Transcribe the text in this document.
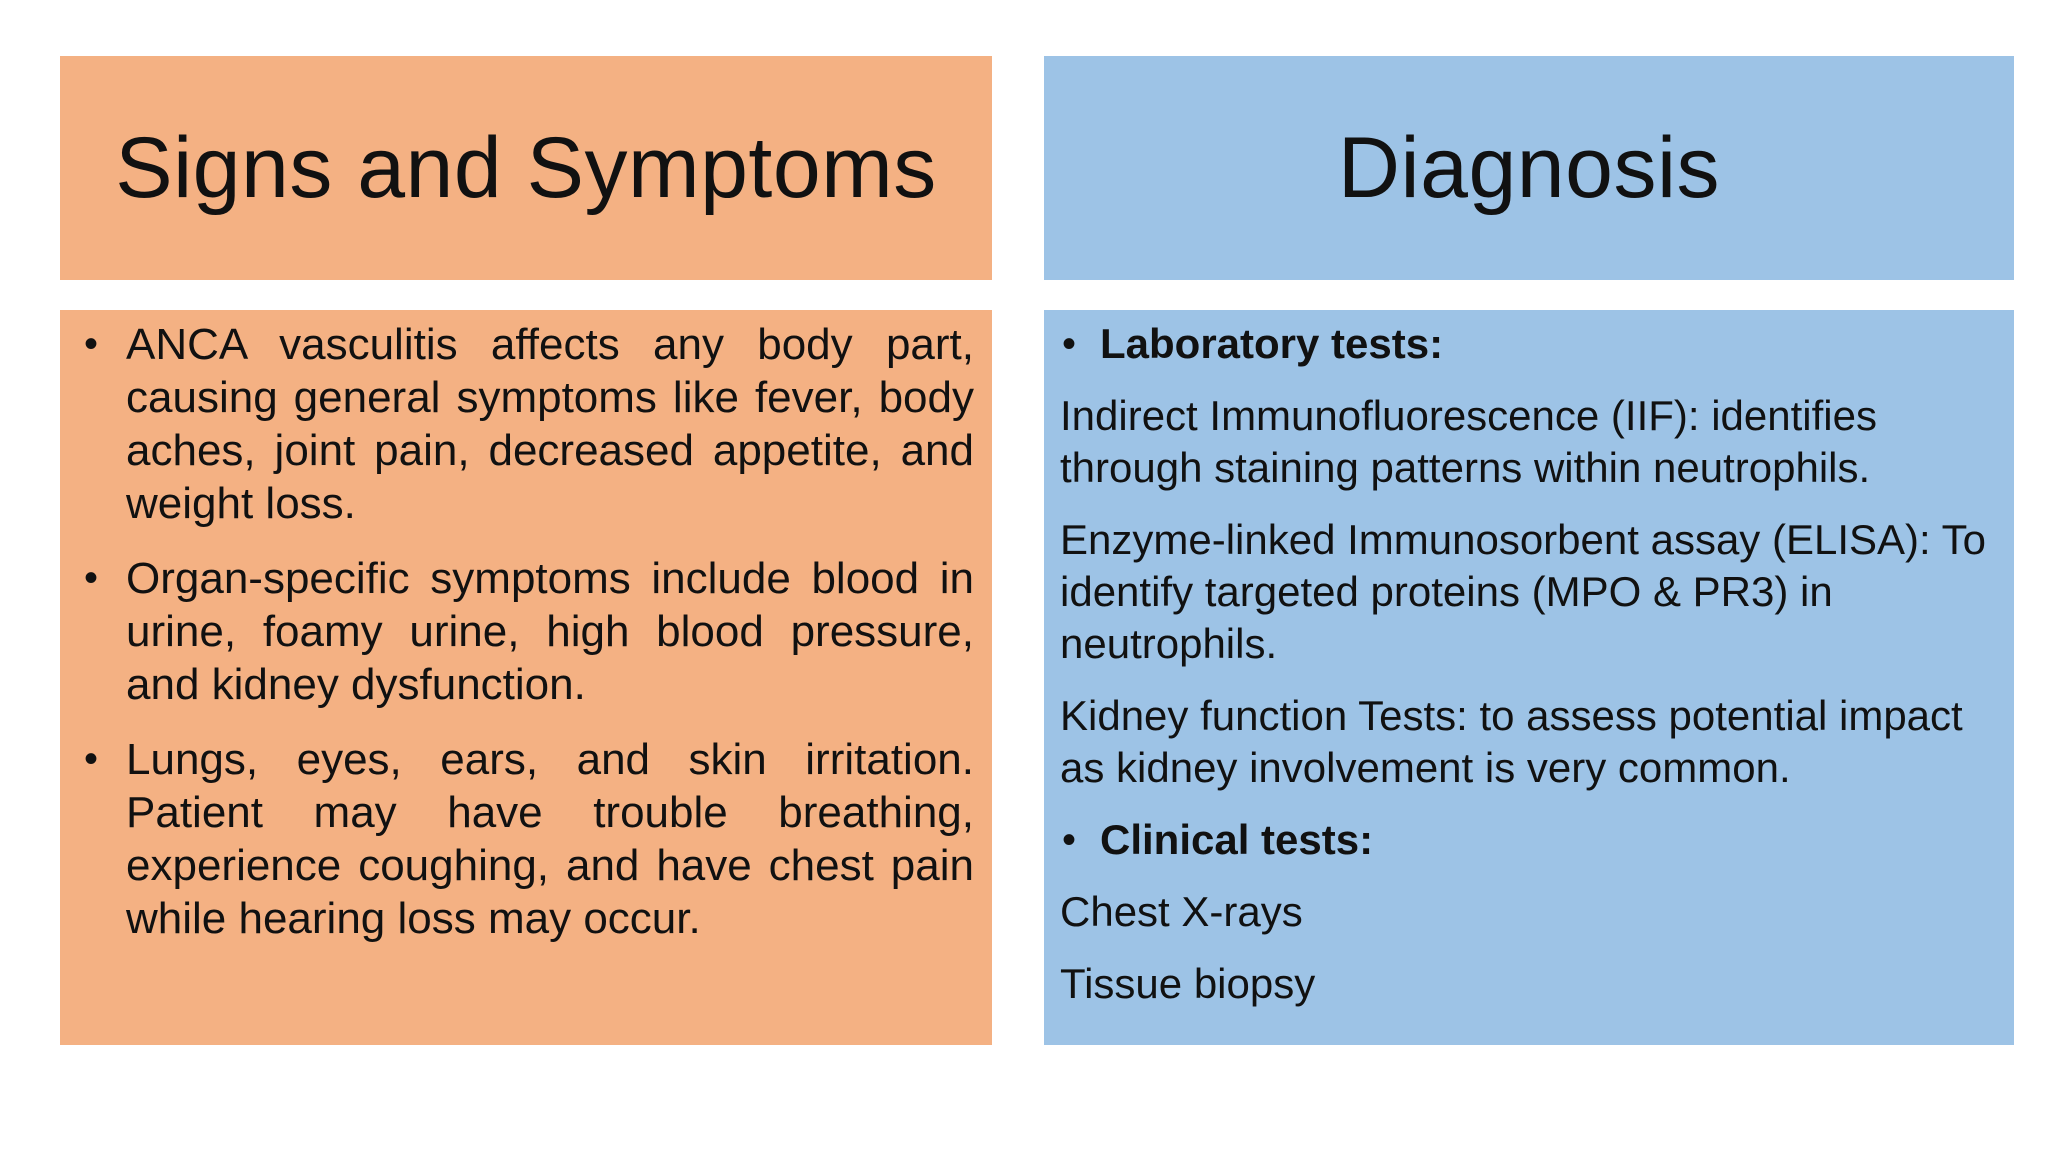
Signs and Symptoms	Diagnosis
• ANCA vasculitis affects any body part, causing general symptoms like fever, body aches, joint pain, decreased appetite, and weight loss.
• Organ-specific symptoms include blood in urine, foamy urine, high blood pressure, and kidney dysfunction.
• Lungs, eyes, ears, and skin irritation. Patient may have trouble breathing, experience coughing, and have chest pain while hearing loss may occur.
• Laboratory tests:
Indirect Immunofluorescence (IIF): identifies through staining patterns within neutrophils.
Enzyme-linked Immunosorbent assay (ELISA): To identify targeted proteins (MPO & PR3) in neutrophils.
Kidney function Tests: to assess potential impact as kidney involvement is very common.
• Clinical tests:
Chest X-rays
Tissue biopsy
